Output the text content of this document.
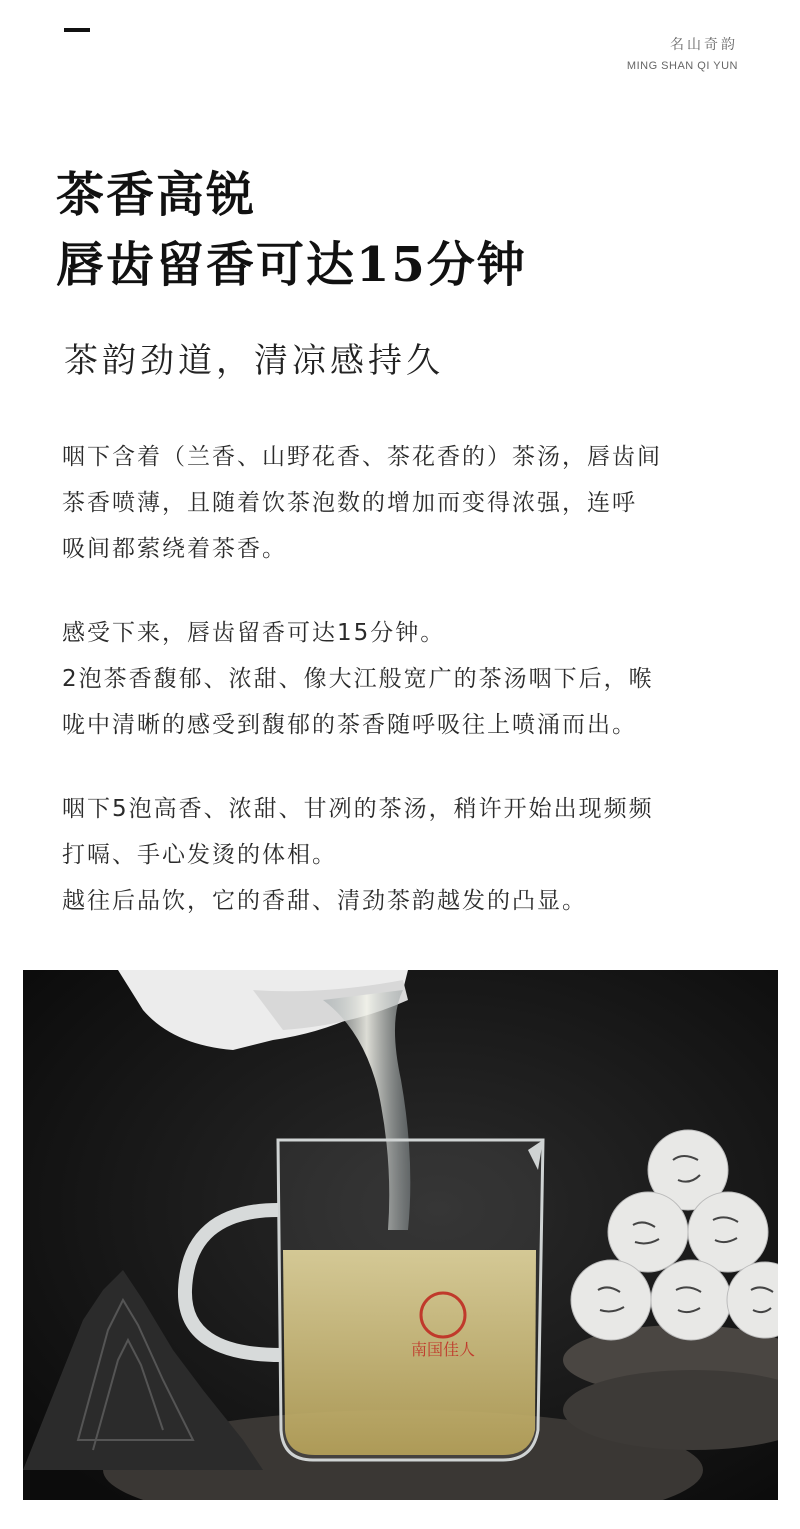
名山奇韵
MING SHAN QI YUN
茶香高锐
唇齿留香可达15分钟
茶韵劲道，清凉感持久
咽下含着（兰香、山野花香、茶花香的）茶汤，唇齿间
茶香喷薄，且随着饮茶泡数的增加而变得浓强，连呼
吸间都萦绕着茶香。
感受下来，唇齿留香可达15分钟。
2泡茶香馥郁、浓甜、像大江般宽广的茶汤咽下后，喉
咙中清晰的感受到馥郁的茶香随呼吸往上喷涌而出。
咽下5泡高香、浓甜、甘冽的茶汤，稍许开始出现频频
打嗝、手心发烫的体相。
越往后品饮，它的香甜、清劲茶韵越发的凸显。
南国佳人
